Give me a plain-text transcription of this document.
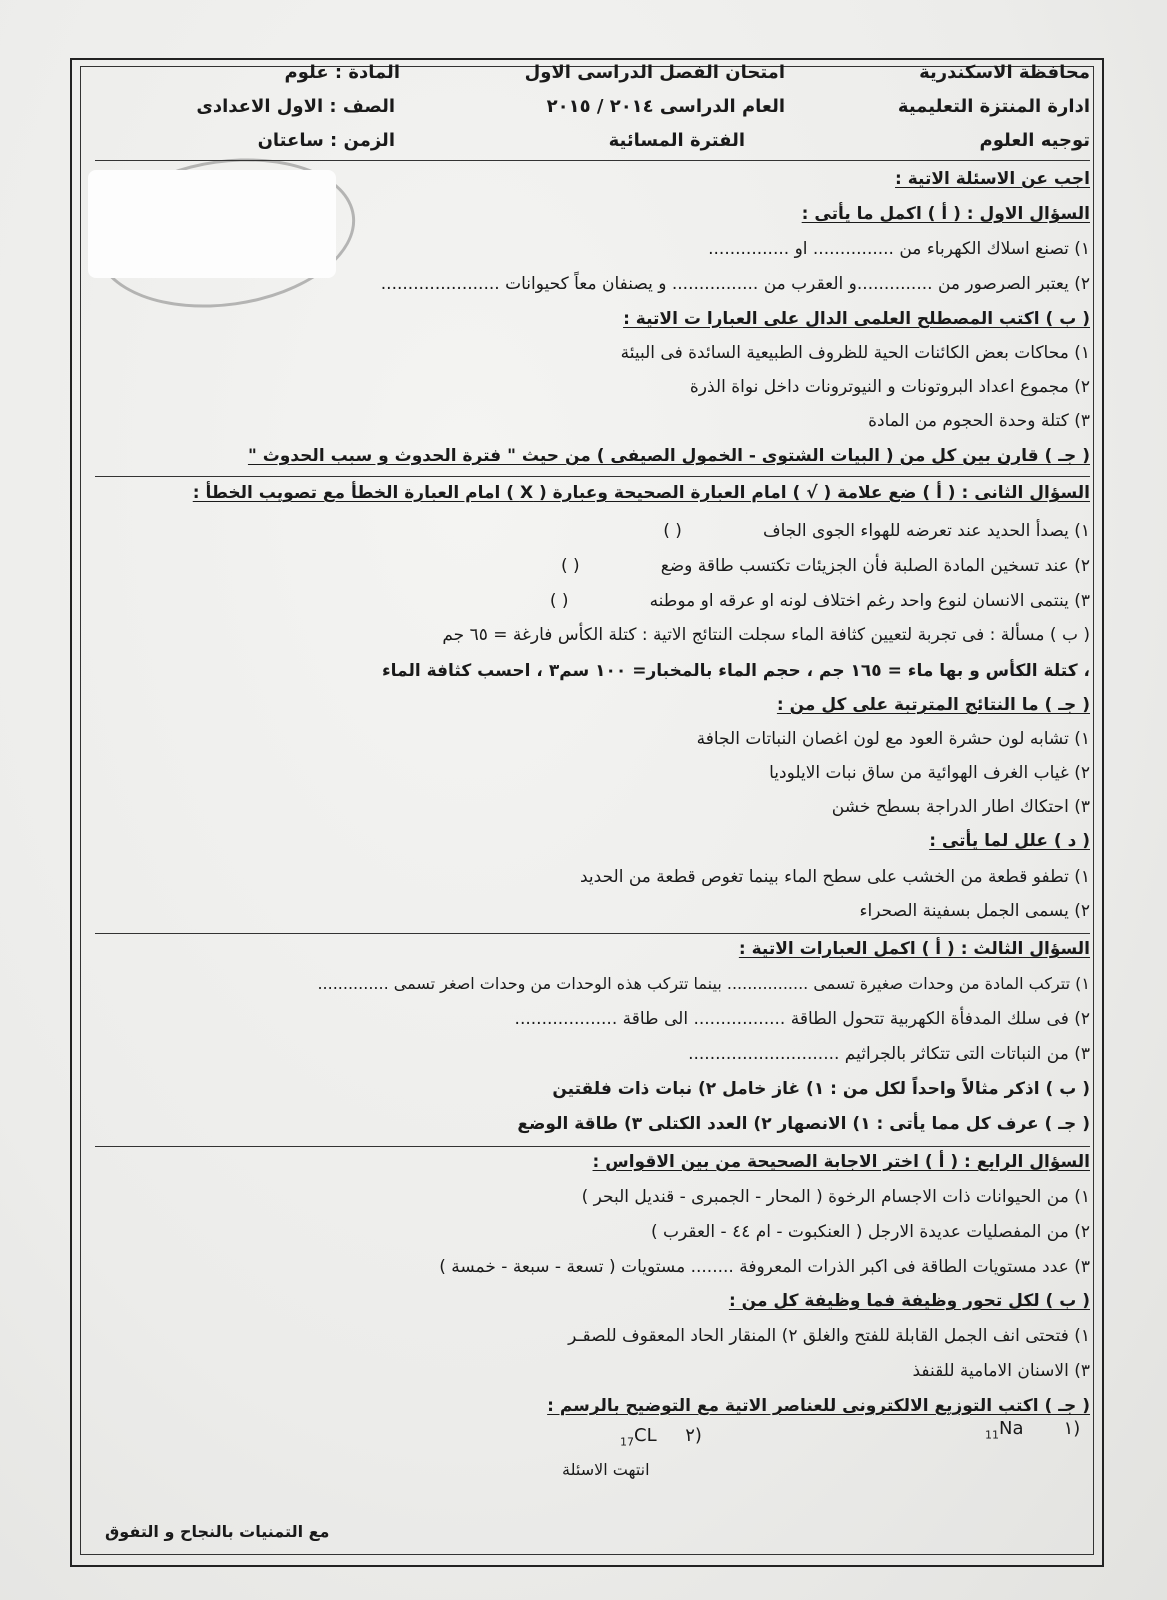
محافظة الاسكندرية
ادارة المنتزة التعليمية
توجيه العلوم
امتحان الفصل الدراسى الاول
العام الدراسى ٢٠١٤ / ٢٠١٥
الفترة المسائية
المادة : علوم
الصف : الاول الاعدادى
الزمن : ساعتان
اجب عن الاسئلة الاتية :
السؤال الاول : ( أ ) اكمل ما يأتى :
١) تصنع اسلاك الكهرباء من ............... او ...............
٢) يعتبر الصرصور من ..............و العقرب من ................ و يصنفان معاً كحيوانات ......................
( ب ) اكتب المصطلح العلمى الدال على العبارا ت الاتية :
١) محاكات بعض الكائنات الحية للظروف الطبيعية السائدة فى البيئة
٢) مجموع اعداد البروتونات و النيوترونات داخل نواة الذرة
٣) كتلة وحدة الحجوم من المادة
( جـ ) قارن بين كل من ( البيات الشتوى - الخمول الصيفى ) من حيث " فترة الحدوث و سبب الحدوث "
السؤال الثانى : ( أ ) ضع علامة ( √ ) امام العبارة الصحيحة وعبارة ( X ) امام العبارة الخطأ مع تصويب الخطأ :
١) يصدأ الحديد عند تعرضه للهواء الجوى الجاف ( )
٢) عند تسخين المادة الصلبة فأن الجزيئات تكتسب طاقة وضع ( )
٣) ينتمى الانسان لنوع واحد رغم اختلاف لونه او عرقه او موطنه ( )
( ب ) مسألة : فى تجربة لتعيين كثافة الماء سجلت النتائج الاتية : كتلة الكأس فارغة = ٦٥ جم
، كتلة الكأس و بها ماء = ١٦٥ جم ، حجم الماء بالمخبار= ١٠٠ سم٣ ، احسب كثافة الماء
( جـ ) ما النتائج المترتبة على كل من :
١) تشابه لون حشرة العود مع لون اغصان النباتات الجافة
٢) غياب الغرف الهوائية من ساق نبات الايلوديا
٣) احتكاك اطار الدراجة بسطح خشن
( د ) علل لما يأتى :
١) تطفو قطعة من الخشب على سطح الماء بينما تغوص قطعة من الحديد
٢) يسمى الجمل بسفينة الصحراء
السؤال الثالث : ( أ ) اكمل العبارات الاتية :
١) تتركب المادة من وحدات صغيرة تسمى ................ بينما تتركب هذه الوحدات من وحدات اصغر تسمى ..............
٢) فى سلك المدفأة الكهربية تتحول الطاقة ................. الى طاقة ...................
٣) من النباتات التى تتكاثر بالجراثيم ............................
( ب ) اذكر مثالاً واحداً لكل من : ١) غاز خامل ٢) نبات ذات فلقتين
( جـ ) عرف كل مما يأتى : ١) الانصهار ٢) العدد الكتلى ٣) طاقة الوضع
السؤال الرابع : ( أ ) اختر الاجابة الصحيحة من بين الاقواس :
١) من الحيوانات ذات الاجسام الرخوة ( المحار - الجمبرى - قنديل البحر )
٢) من المفصليات عديدة الارجل ( العنكبوت - ام ٤٤ - العقرب )
٣) عدد مستويات الطاقة فى اكبر الذرات المعروفة ........ مستويات ( تسعة - سبعة - خمسة )
( ب ) لكل تحور وظيفة فما وظيفة كل من :
١) فتحتى انف الجمل القابلة للفتح والغلق ٢) المنقار الحاد المعقوف للصقـر
٣) الاسنان الامامية للقنفذ
( جـ ) اكتب التوزيع الالكترونى للعناصر الاتية مع التوضيح بالرسم :
$_{11}$Na ١)
$_{17}$CL ٢)
انتهت الاسئلة
مع التمنيات بالنجاح و التفوق
